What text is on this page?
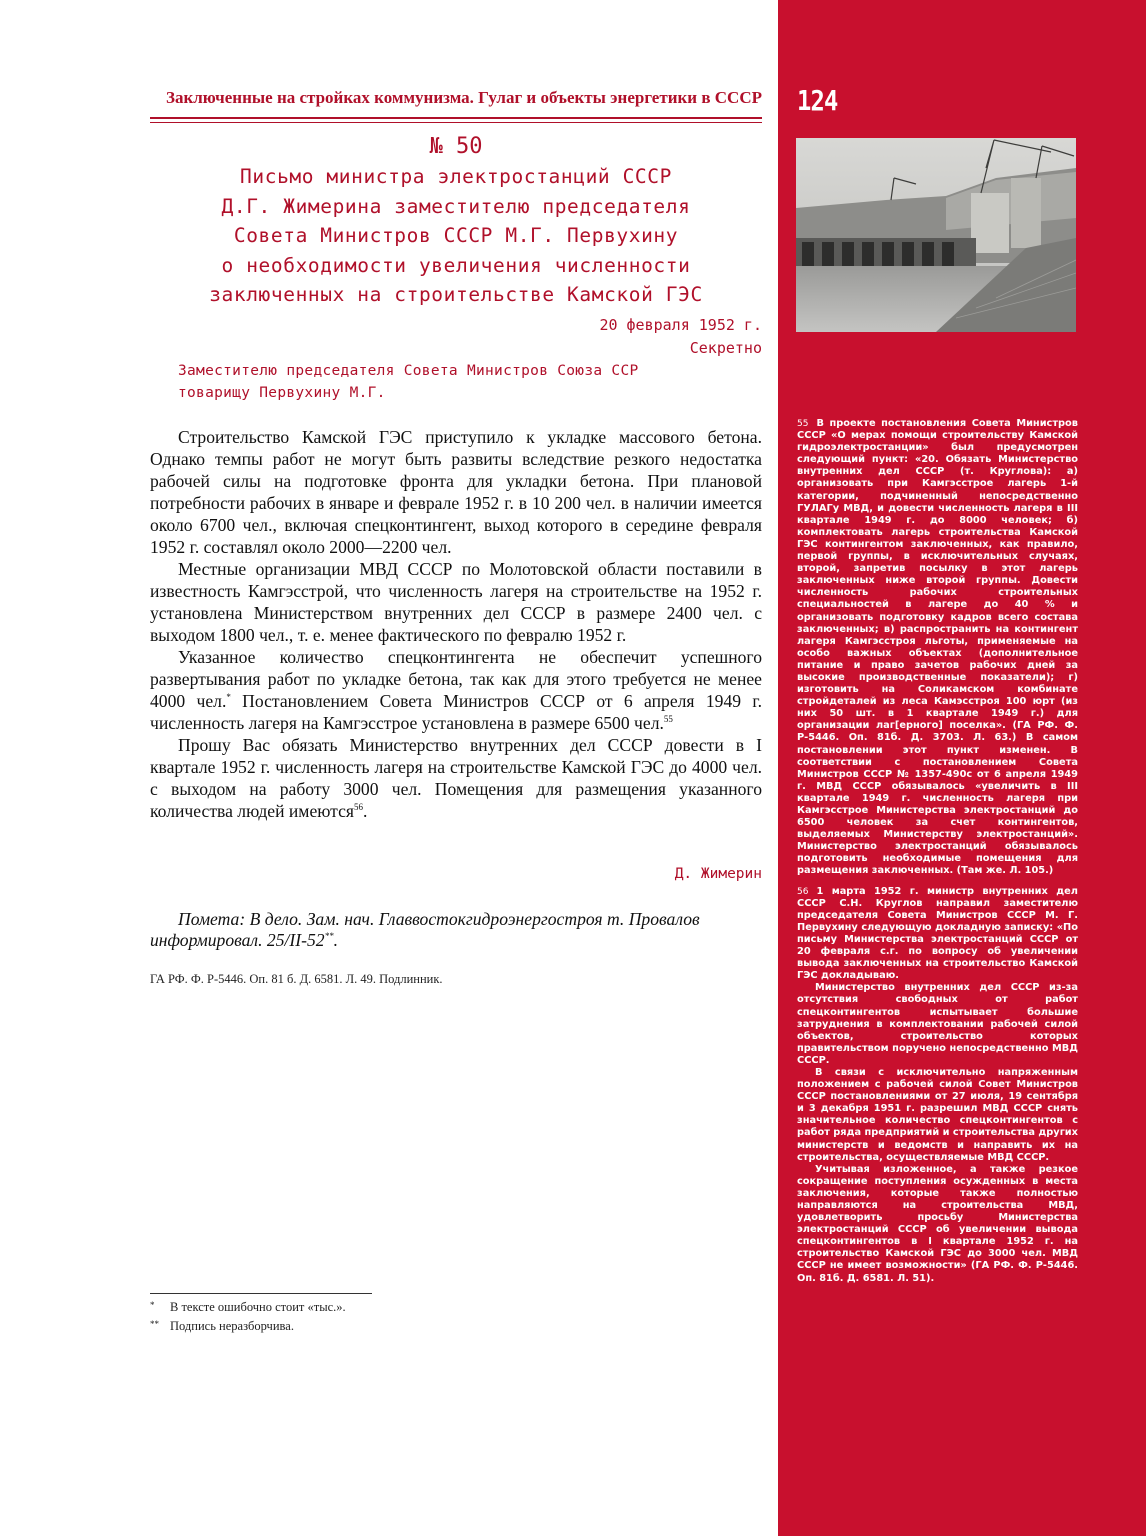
Заключенные на стройках коммунизма. Гулаг и объекты энергетики в СССР 124
№ 50
Письмо министра электростанций СССР
Д.Г. Жимерина заместителю председателя
Совета Министров СССР М.Г. Первухину
о необходимости увеличения численности
заключенных на строительстве Камской ГЭС
20 февраля 1952 г.
Секретно
Заместителю председателя Совета Министров Союза ССР
товарищу Первухину М.Г.

Строительство Камской ГЭС приступило к укладке массового бетона. Однако темпы работ не могут быть развиты вследствие резкого недостатка рабочей силы на подготовке фронта для укладки бетона. При плановой потребности рабочих в январе и феврале 1952 г. в 10 200 чел. в наличии имеется около 6700 чел., включая спецконтингент, выход которого в середине февраля 1952 г. составлял около 2000—2200 чел.

Местные организации МВД СССР по Молотовской области поставили в известность Камгэсстрой, что численность лагеря на строительстве на 1952 г. установлена Министерством внутренних дел СССР в размере 2400 чел. с выходом 1800 чел., т. е. менее фактического по февралю 1952 г.

Указанное количество спецконтингента не обеспечит успешного развертывания работ по укладке бетона, так как для этого требуется не менее 4000 чел.* Постановлением Совета Министров СССР от 6 апреля 1949 г. численность лагеря на Камгэсстрое установлена в размере 6500 чел.$^{55}$

Прошу Вас обязать Министерство внутренних дел СССР довести в I квартале 1952 г. численность лагеря на строительстве Камской ГЭС до 4000 чел. с выходом на работу 3000 чел. Помещения для размещения указанного количества людей имеются$^{56}$.

Д. Жимерин
Помета: В дело. Зам. нач. Главвостокгидроэнергостроя т. Провалов
информировал. 25/II-52**.
ГА РФ. Ф. Р-5446. Оп. 81 б. Д. 6581. Л. 49. Подлинник.
* В тексте ошибочно стоит «тыс.».
** Подпись неразборчива.

55 В проекте постановления Совета Министров СССР «О мерах помощи строительству Камской гидроэлектростанции» был предусмотрен следующий пункт: «20. Обязать Министерство внутренних дел СССР (т. Круглова): а) организовать при Камгэсстрое лагерь 1-й категории, подчиненный непосредственно ГУЛАГу МВД, и довести численность лагеря в III квартале 1949 г. до 8000 человек; б) комплектовать лагерь строительства Камской ГЭС контингентом заключенных, как правило, первой группы, в исключительных случаях, второй, запретив посылку в этот лагерь заключенных ниже второй группы. Довести численность рабочих строительных специальностей в лагере до 40 % и организовать подготовку кадров всего состава заключенных; в) распространить на контингент лагеря Камгэсстроя льготы, применяемые на особо важных объектах (дополнительное питание и право зачетов рабочих дней за высокие производственные показатели); г) изготовить на Соликамском комбинате стройдеталей из леса Камэсстроя 100 юрт (из них 50 шт. в 1 квартале 1949 г.) для организации лаг[ерного] поселка». (ГА РФ. Ф. Р-5446. Оп. 81б. Д. 3703. Л. 63.) В самом постановлении этот пункт изменен. В соответствии с постановлением Совета Министров СССР № 1357-490с от 6 апреля 1949 г. МВД СССР обязывалось «увеличить в III квартале 1949 г. численность лагеря при Камгэсстрое Министерства электростанций до 6500 человек за счет контингентов, выделяемых Министерству электростанций». Министерство электростанций обязывалось подготовить необходимые помещения для размещения заключенных. (Там же. Л. 105.)

56 1 марта 1952 г. министр внутренних дел СССР С.Н. Круглов направил заместителю председателя Совета Министров СССР М. Г. Первухину следующую докладную записку: «По письму Министерства электростанций СССР от 20 февраля с.г. по вопросу об увеличении вывода заключенных на строительство Камской ГЭС докладываю.

Министерство внутренних дел СССР из-за отсутствия свободных от работ спецконтингентов испытывает большие затруднения в комплектовании рабочей силой объектов, строительство которых правительством поручено непосредственно МВД СССР.

В связи с исключительно напряженным положением с рабочей силой Совет Министров СССР постановлениями от 27 июля, 19 сентября и 3 декабря 1951 г. разрешил МВД СССР снять значительное количество спецконтингентов с работ ряда предприятий и строительства других министерств и ведомств и направить их на строительства, осуществляемые МВД СССР.

Учитывая изложенное, а также резкое сокращение поступления осужденных в места заключения, которые также полностью направляются на строительства МВД, удовлетворить просьбу Министерства электростанций СССР об увеличении вывода спецконтингентов в I квартале 1952 г. на строительство Камской ГЭС до 3000 чел. МВД СССР не имеет возможности» (ГА РФ. Ф. Р-5446. Оп. 81б. Д. 6581. Л. 51).
